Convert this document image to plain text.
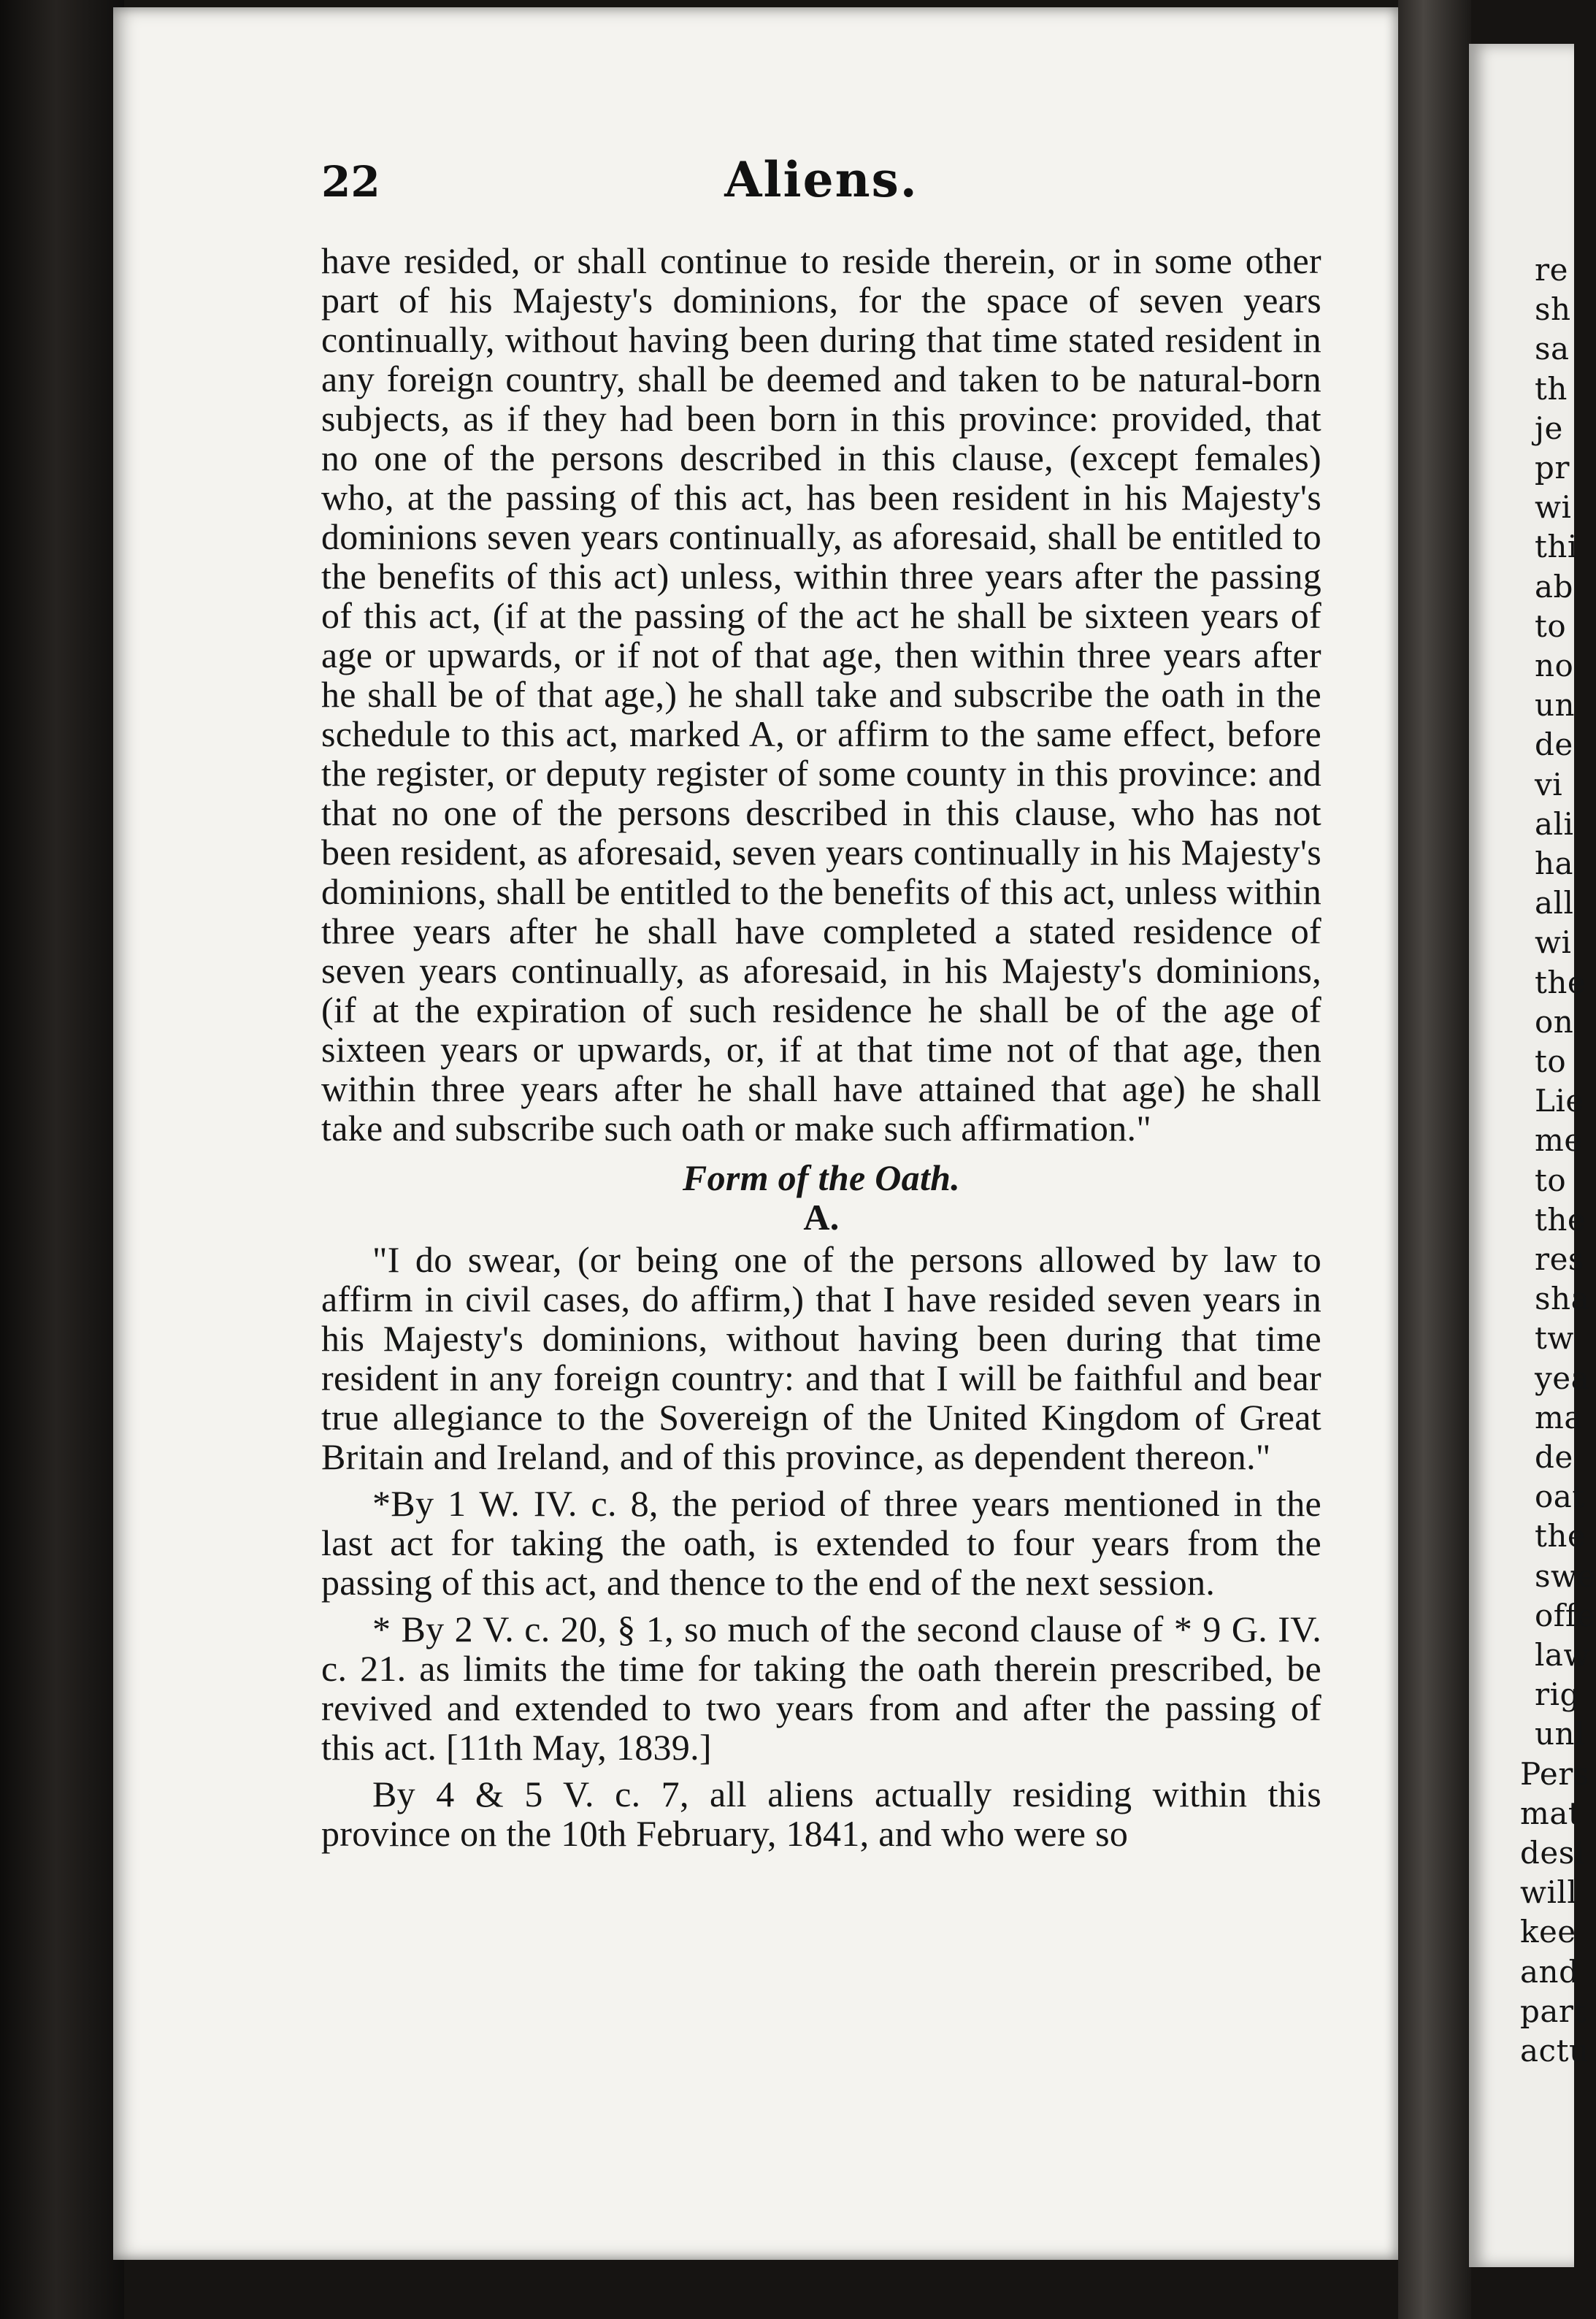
22	Aliens.

have resided, or shall continue to reside therein, or in some other part of his Majesty's dominions, for the space of seven years continually, without having been during that time stated resident in any foreign country, shall be deemed and taken to be natural-born subjects, as if they had been born in this province: provided, that no one of the persons described in this clause, (except females) who, at the passing of this act, has been resident in his Majesty's dominions seven years continually, as aforesaid, shall be entitled to the benefits of this act) unless, within three years after the passing of this act, (if at the passing of the act he shall be sixteen years of age or upwards, or if not of that age, then within three years after he shall be of that age,) he shall take and subscribe the oath in the schedule to this act, marked A, or affirm to the same effect, before the register, or deputy register of some county in this province: and that no one of the persons described in this clause, who has not been resident, as aforesaid, seven years continually in his Majesty's dominions, shall be entitled to the benefits of this act, unless within three years after he shall have completed a stated residence of seven years continually, as aforesaid, in his Majesty's dominions, (if at the expiration of such residence he shall be of the age of sixteen years or upwards, or, if at that time not of that age, then within three years after he shall have attained that age) he shall take and subscribe such oath or make such affirmation."

Form of the Oath.

A.

"I do swear, (or being one of the persons allowed by law to affirm in civil cases, do affirm,) that I have resided seven years in his Majesty's dominions, without having been during that time resident in any foreign country: and that I will be faithful and bear true allegiance to the Sovereign of the United Kingdom of Great Britain and Ireland, and of this province, as dependent thereon."

*By 1 W. IV. c. 8, the period of three years mentioned in the last act for taking the oath, is extended to four years from the passing of this act, and thence to the end of the next session.

* By 2 V. c. 20, § 1, so much of the second clause of * 9 G. IV. c. 21. as limits the time for taking the oath therein prescribed, be revived and extended to two years from and after the passing of this act. [11th May, 1839.]

By 4 & 5 V. c. 7, all aliens actually residing within this province on the 10th February, 1841, and who were so

re
sh
sa
th
je
pr
wi
thi
ab
to
no
un
de
vi
ali
ha
all
wi
the
on
to
Lie
me
to
the
res
sha
tw
yea
ma
de
oat
the
swe
offe
law
rig
unl
Pers
mat
desi
will
kee
and
part
actu
